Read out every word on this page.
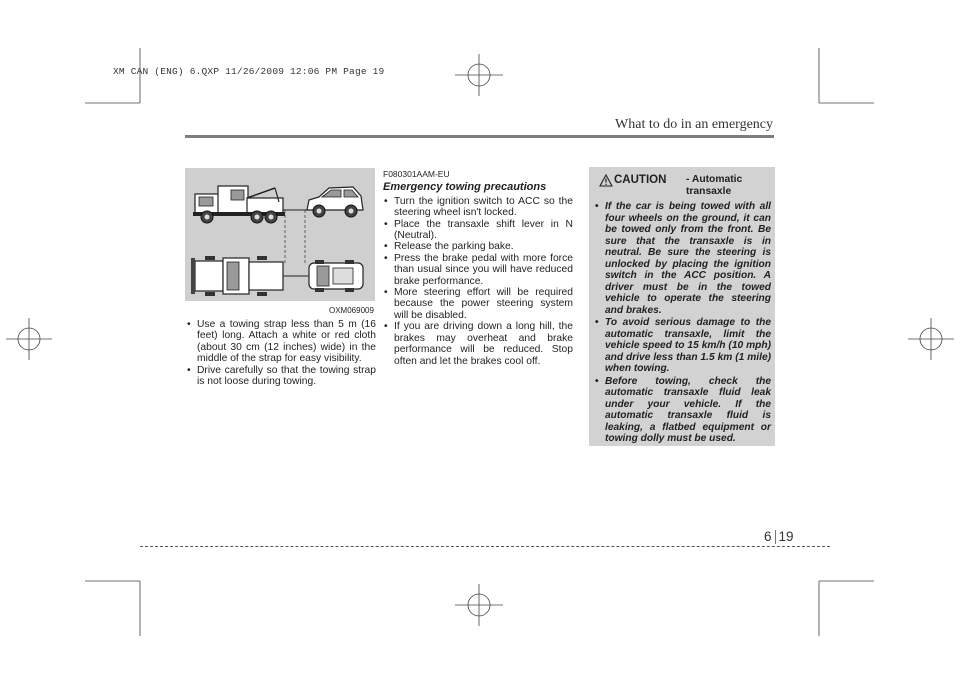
XM CAN (ENG) 6.QXP 11/26/2009 12:06 PM Page 19
What to do in an emergency
OXM069009
• Use a towing strap less than 5 m (16 feet) long. Attach a white or red cloth (about 30 cm (12 inches) wide) in the middle of the strap for easy visibility.
• Drive carefully so that the towing strap is not loose during towing.
F080301AAM-EU
Emergency towing precautions
• Turn the ignition switch to ACC so the steering wheel isn't locked.
• Place the transaxle shift lever in N (Neutral).
• Release the parking bake.
• Press the brake pedal with more force than usual since you will have reduced brake performance.
• More steering effort will be required because the power steering system will be disabled.
• If you are driving down a long hill, the brakes may overheat and brake performance will be reduced. Stop often and let the brakes cool off.
CAUTION - Automatic transaxle
• If the car is being towed with all four wheels on the ground, it can be towed only from the front. Be sure that the transaxle is in neutral. Be sure the steering is unlocked by placing the ignition switch in the ACC position. A driver must be in the towed vehicle to operate the steering and brakes.
• To avoid serious damage to the automatic transaxle, limit the vehicle speed to 15 km/h (10 mph) and drive less than 1.5 km (1 mile) when towing.
• Before towing, check the automatic transaxle fluid leak under your vehicle. If the automatic transaxle fluid is leaking, a flatbed equipment or towing dolly must be used.
6 19
